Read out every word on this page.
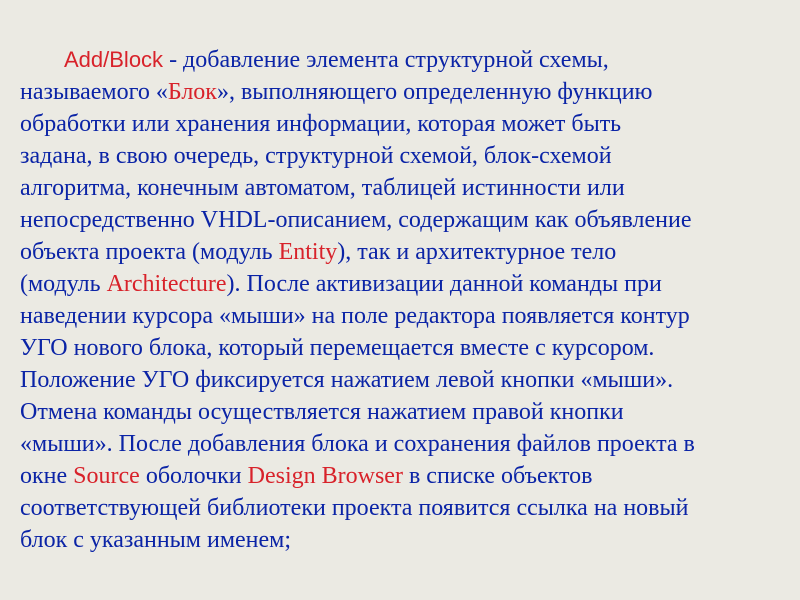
Add/Block - добавление элемента структурной схемы,
называемого «Блок», выполняющего определенную функцию
обработки или хранения информации, которая может быть
задана, в свою очередь, структурной схемой, блок-схемой
алгоритма, конечным автоматом, таблицей истинности или
непосредственно VHDL-описанием, содержащим как объявление
объекта проекта (модуль Entity), так и архитектурное тело
(модуль Architecture). После активизации данной команды при
наведении курсора «мыши» на поле редактора появляется контур
УГО нового блока, который перемещается вместе с курсором.
Положение УГО фиксируется нажатием левой кнопки «мыши».
Отмена команды осуществляется нажатием правой кнопки
«мыши». После добавления блока и сохранения файлов проекта в
окне Source оболочки Design Browser в списке объектов
соответствующей библиотеки проекта появится ссылка на новый
блок с указанным именем;
